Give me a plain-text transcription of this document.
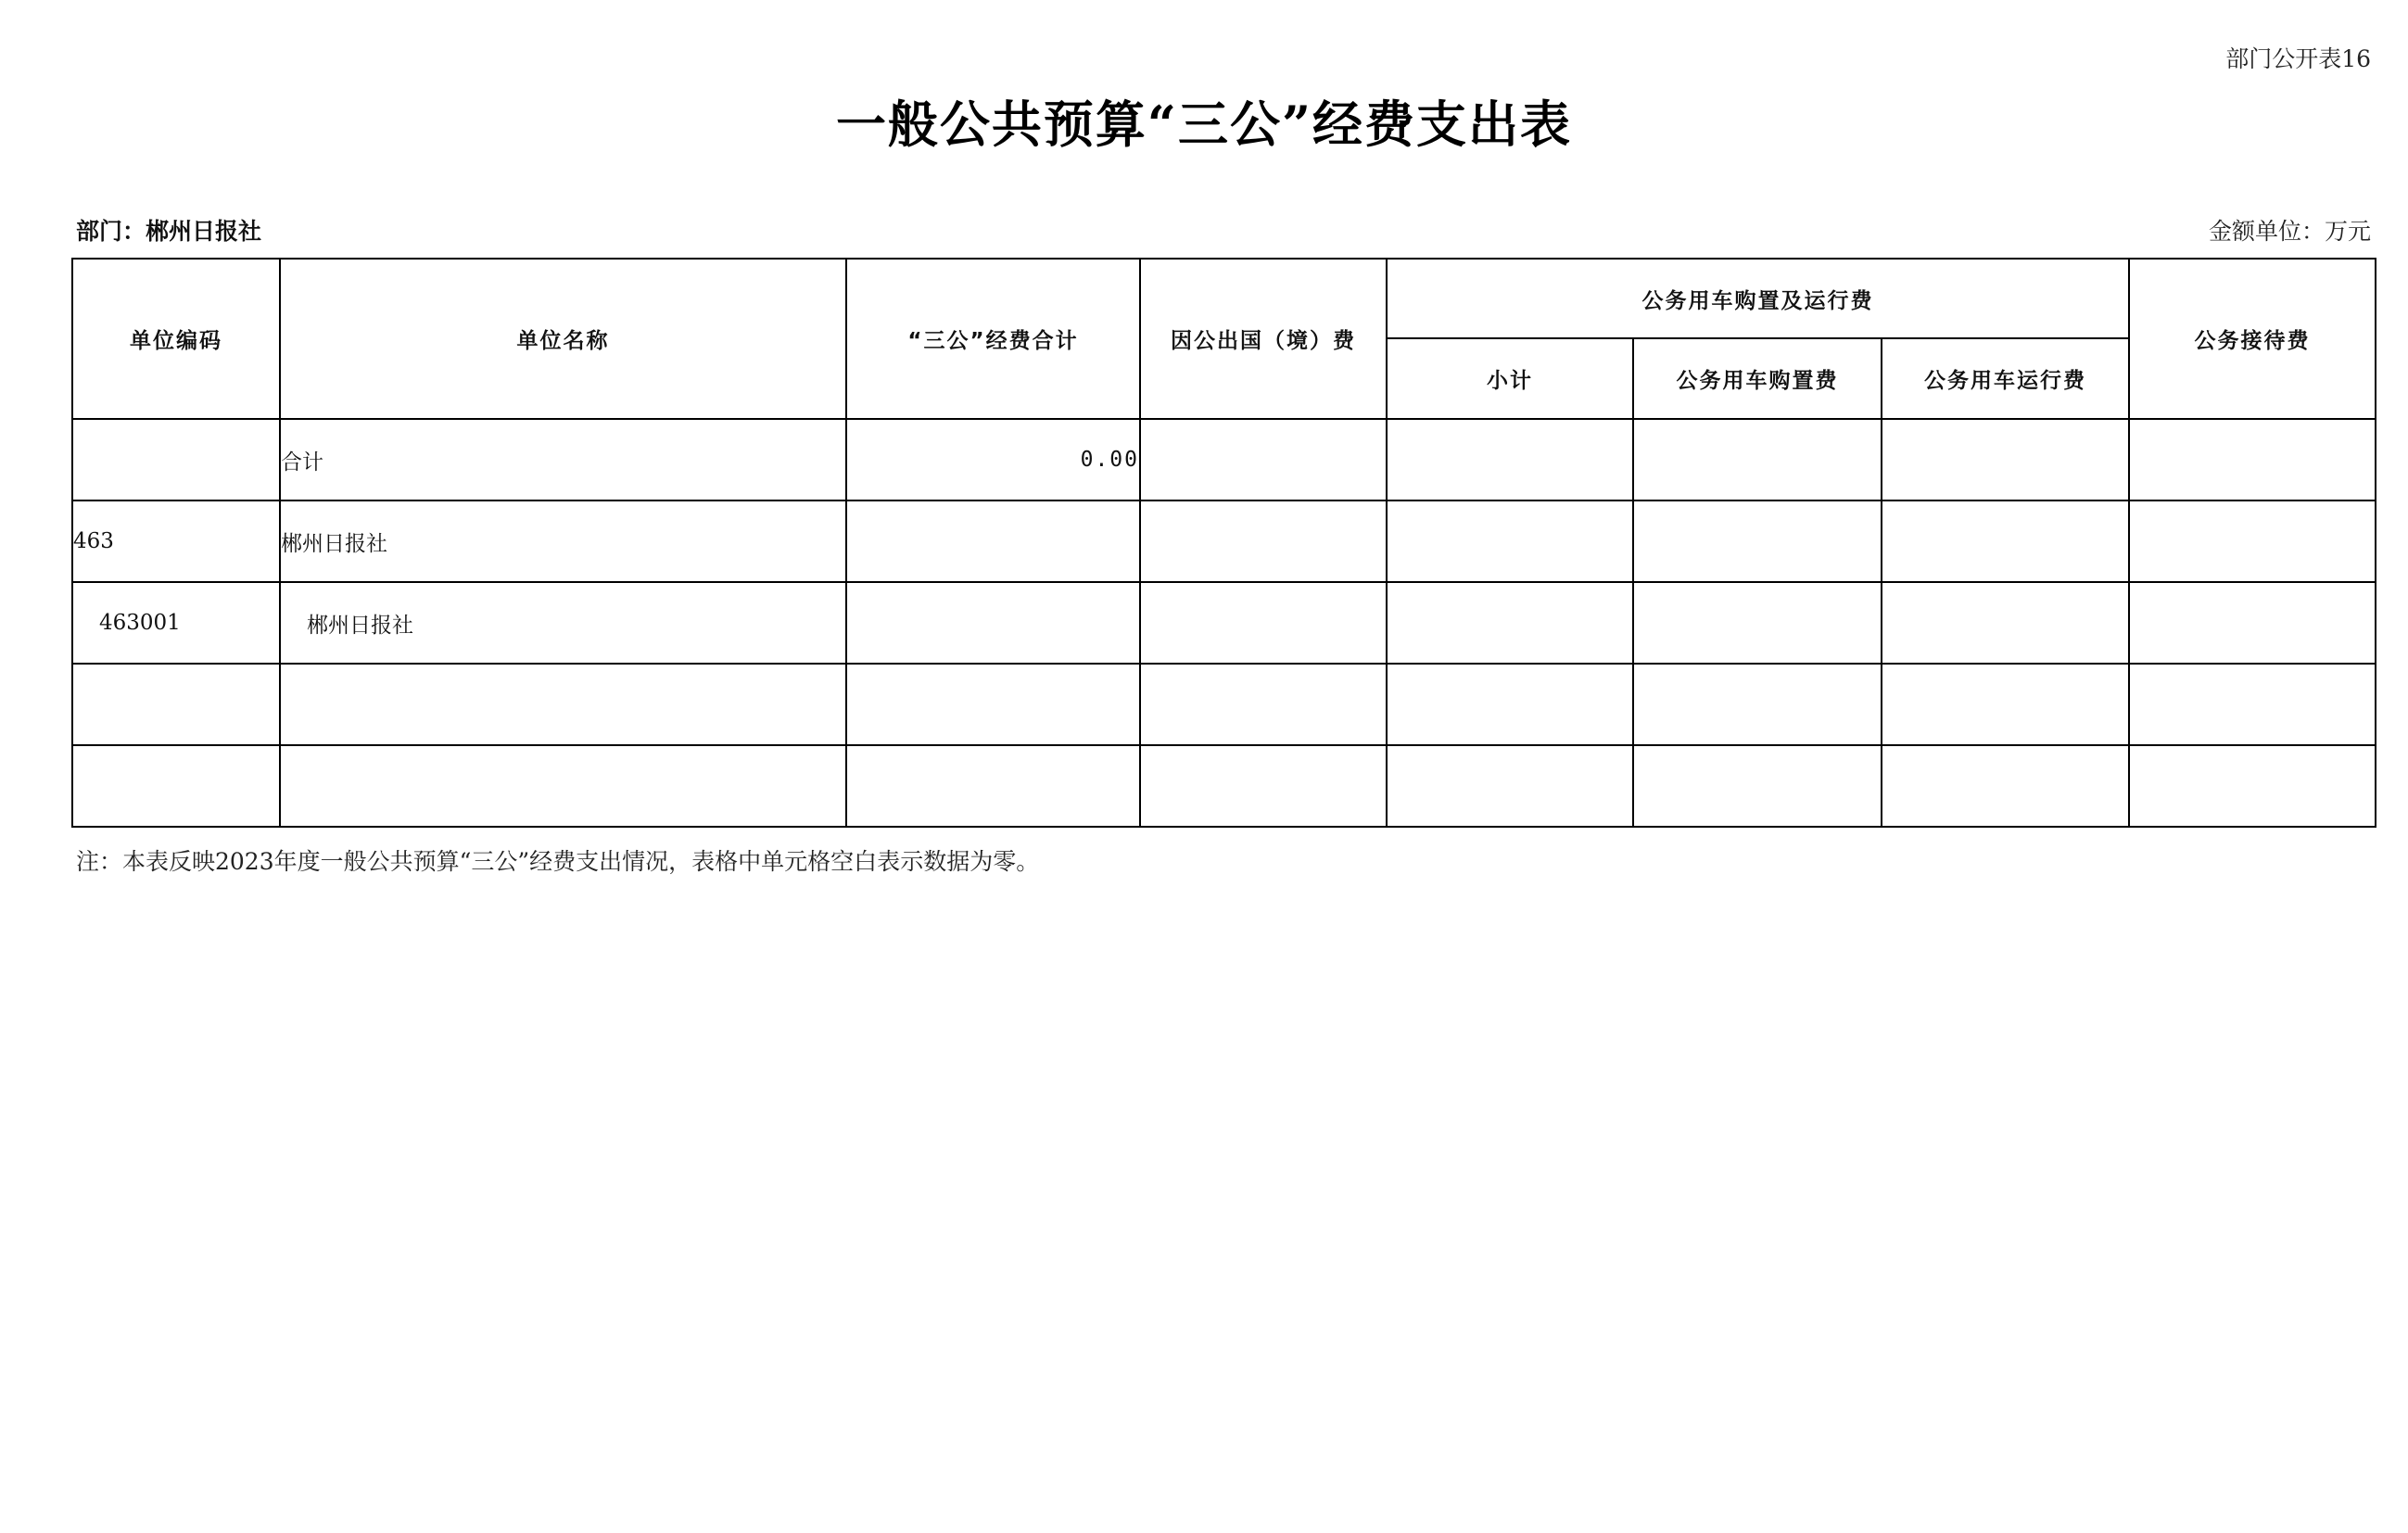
部门公开表16
一般公共预算“三公”经费支出表
部门：郴州日报社	金额单位：万元
单位编码	单位名称	“三公”经费合计	因公出国（境）费	公务用车购置及运行费			公务接待费
				小计	公务用车购置费	公务用车运行费	
	合计	0.00					
463	郴州日报社						
463001	郴州日报社						

注：本表反映2023年度一般公共预算“三公”经费支出情况，表格中单元格空白表示数据为零。
